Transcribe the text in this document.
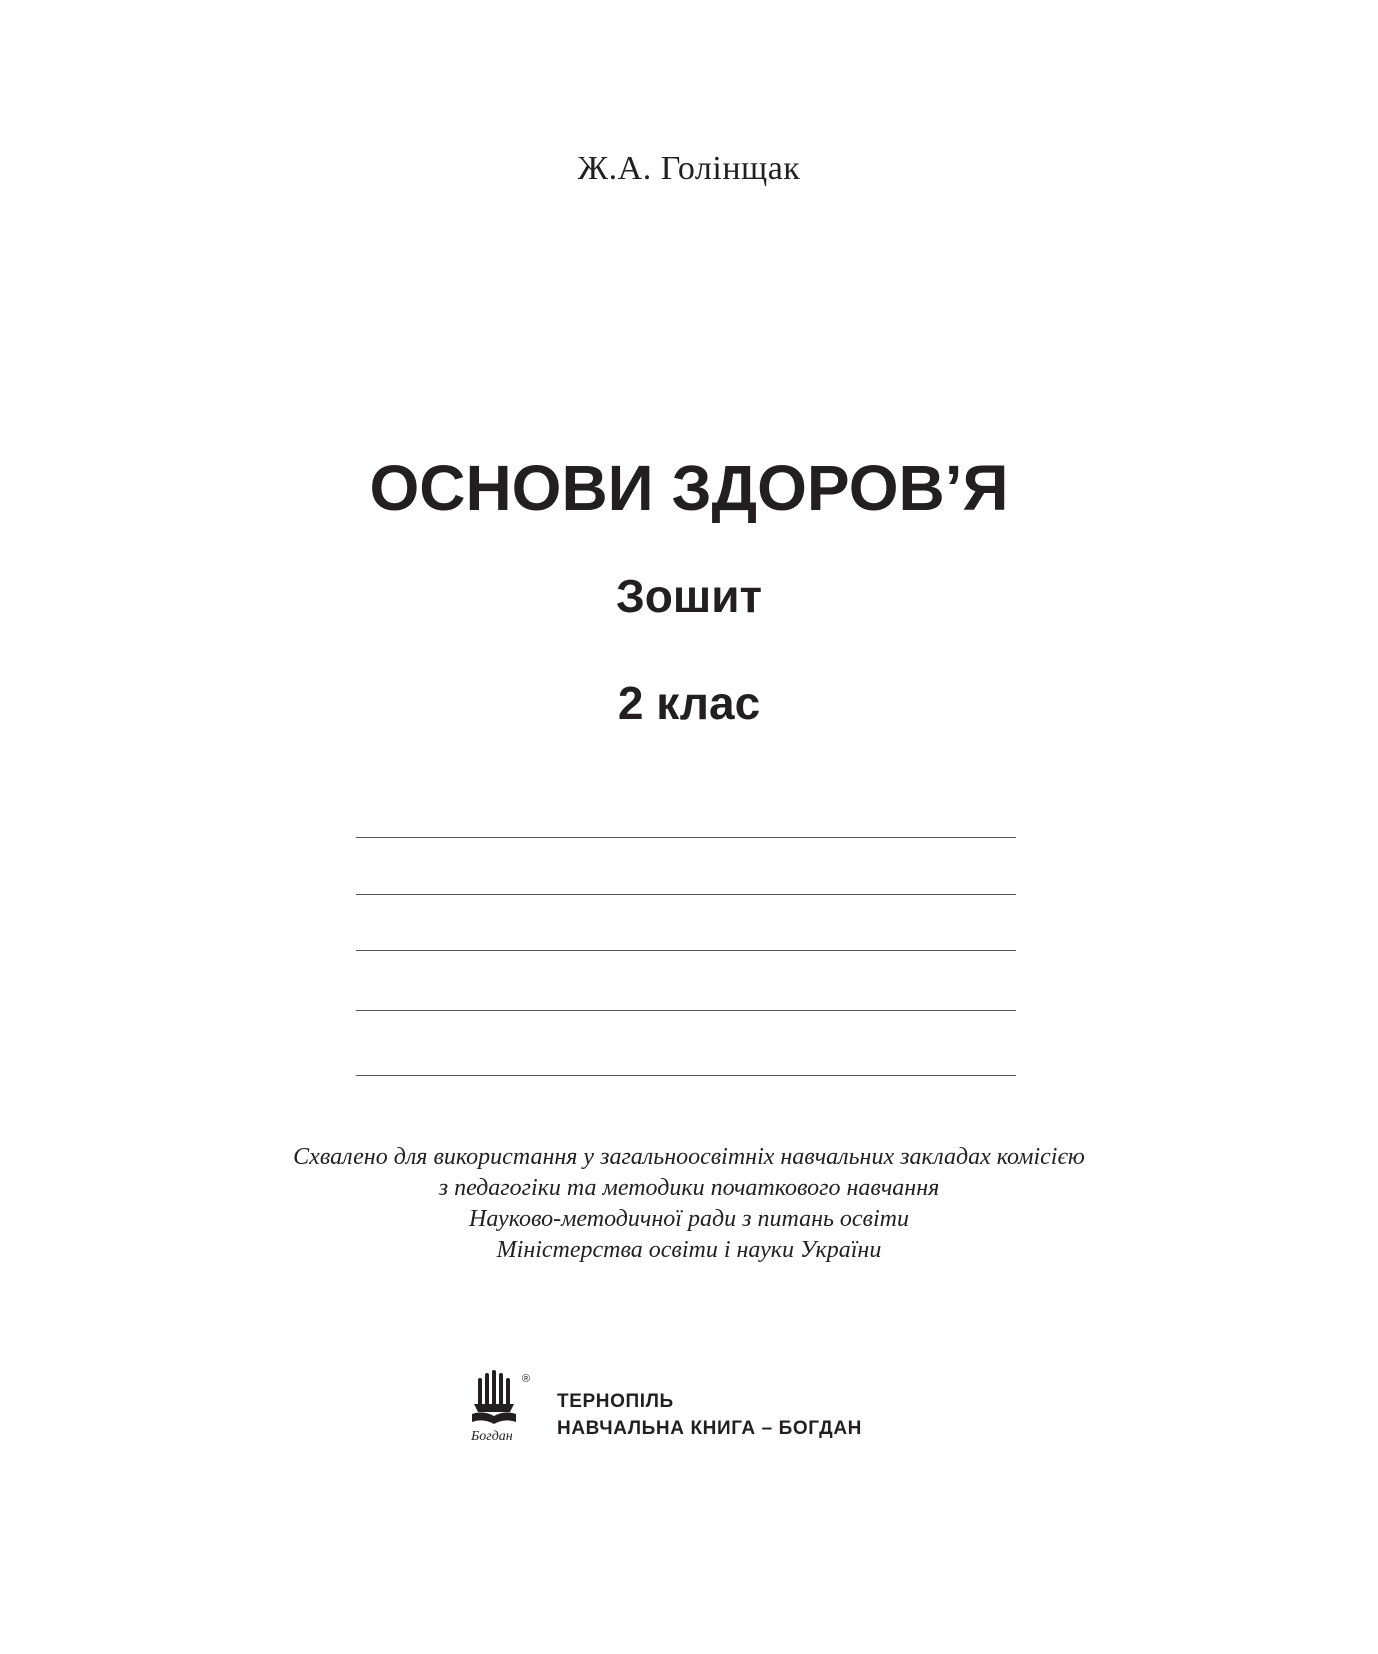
Ж.А. Голінщак
ОСНОВИ ЗДОРОВ’Я
Зошит
2 клас
Схвалено для використання у загальноосвітніх навчальних закладах комісією
з педагогіки та методики початкового навчання
Науково-методичної ради з питань освіти
Міністерства освіти і науки України
®
Богдан
ТЕРНОПІЛЬ
НАВЧАЛЬНА КНИГА – БОГДАН
